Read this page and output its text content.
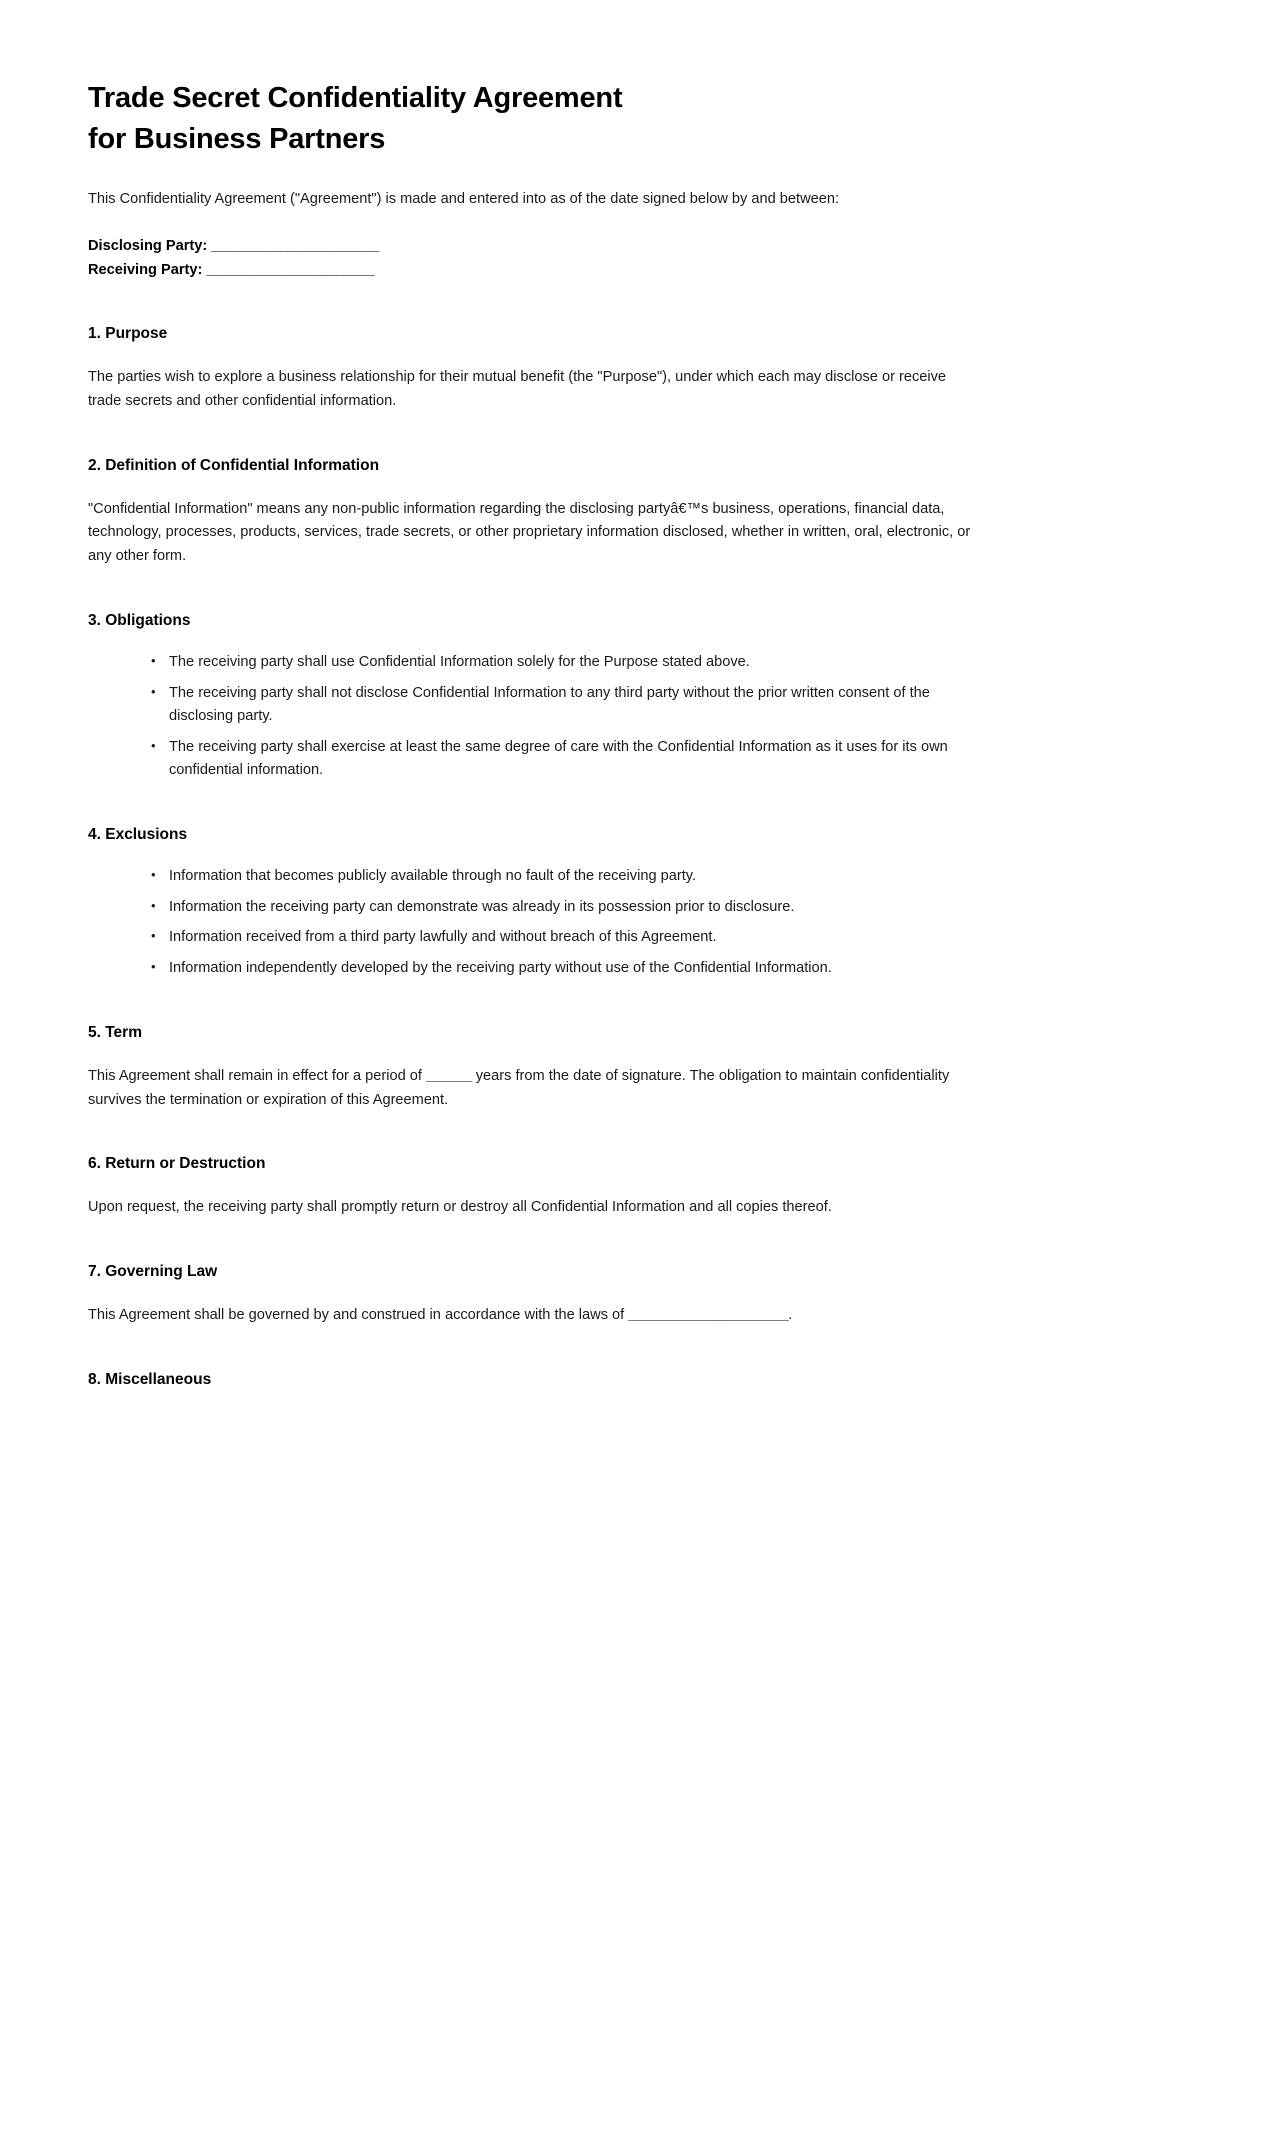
Trade Secret Confidentiality Agreement
for Business Partners

This Confidentiality Agreement ("Agreement") is made and entered into as of the date signed below by and between:

Disclosing Party: ______________________
Receiving Party: ______________________
1. Purpose

The parties wish to explore a business relationship for their mutual benefit (the "Purpose"), under which each may disclose or receive trade secrets and other confidential information.

2. Definition of Confidential Information

"Confidential Information" means any non-public information regarding the disclosing partyâ€™s business, operations, financial data, technology, processes, products, services, trade secrets, or other proprietary information disclosed, whether in written, oral, electronic, or any other form.

3. Obligations
• The receiving party shall use Confidential Information solely for the Purpose stated above.
• The receiving party shall not disclose Confidential Information to any third party without the prior written consent of the disclosing party.
• The receiving party shall exercise at least the same degree of care with the Confidential Information as it uses for its own confidential information.
4. Exclusions
• Information that becomes publicly available through no fault of the receiving party.
• Information the receiving party can demonstrate was already in its possession prior to disclosure.
• Information received from a third party lawfully and without breach of this Agreement.
• Information independently developed by the receiving party without use of the Confidential Information.
5. Term

This Agreement shall remain in effect for a period of ______ years from the date of signature. The obligation to maintain confidentiality survives the termination or expiration of this Agreement.

6. Return or Destruction

Upon request, the receiving party shall promptly return or destroy all Confidential Information and all copies thereof.

7. Governing Law

This Agreement shall be governed by and construed in accordance with the laws of _____________________.

8. Miscellaneous
